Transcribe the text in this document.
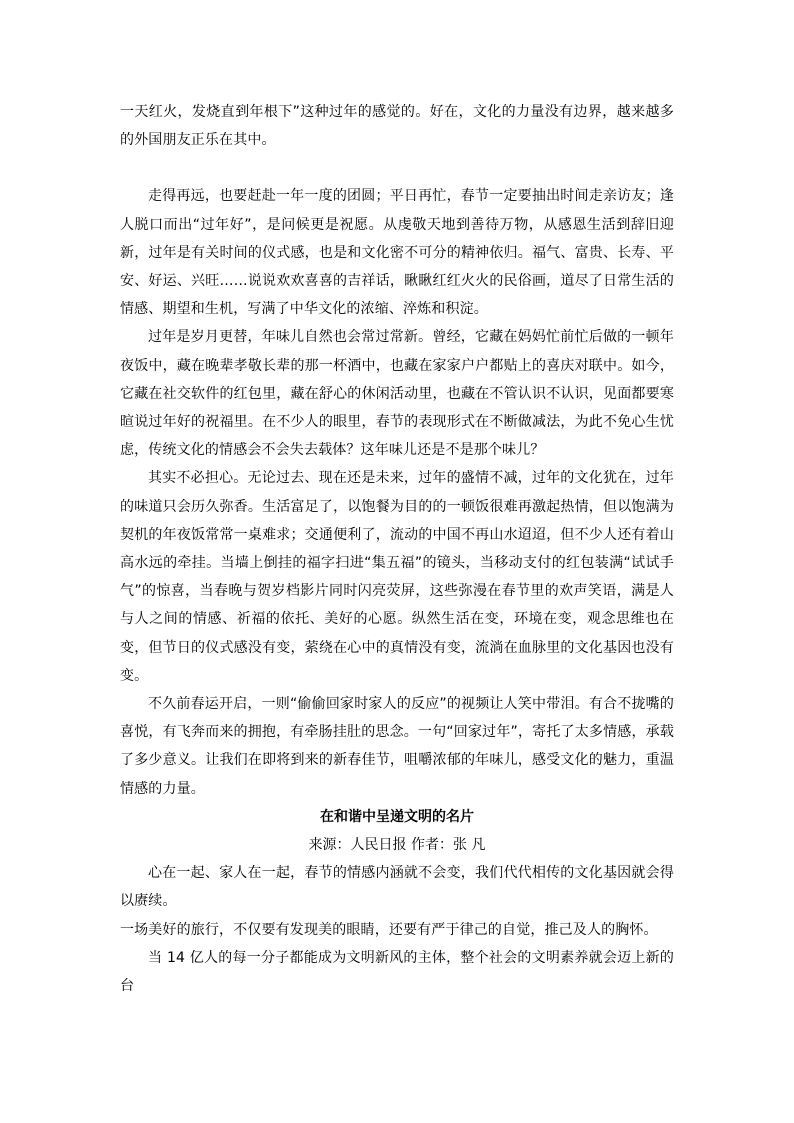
一天红火，发烧直到年根下”这种过年的感觉的。好在，文化的力量没有边界，越来越多的外国朋友正乐在其中。

走得再远，也要赶赴一年一度的团圆；平日再忙，春节一定要抽出时间走亲访友；逢人脱口而出“过年好”，是问候更是祝愿。从虔敬天地到善待万物，从感恩生活到辞旧迎新，过年是有关时间的仪式感，也是和文化密不可分的精神依归。福气、富贵、长寿、平安、好运、兴旺……说说欢欢喜喜的吉祥话，瞅瞅红红火火的民俗画，道尽了日常生活的情感、期望和生机，写满了中华文化的浓缩、淬炼和积淀。

过年是岁月更替，年味儿自然也会常过常新。曾经，它藏在妈妈忙前忙后做的一顿年夜饭中，藏在晚辈孝敬长辈的那一杯酒中，也藏在家家户户都贴上的喜庆对联中。如今，它藏在社交软件的红包里，藏在舒心的休闲活动里，也藏在不管认识不认识，见面都要寒暄说过年好的祝福里。在不少人的眼里，春节的表现形式在不断做减法，为此不免心生忧虑，传统文化的情感会不会失去载体？这年味儿还是不是那个味儿？

其实不必担心。无论过去、现在还是未来，过年的盛情不减，过年的文化犹在，过年的味道只会历久弥香。生活富足了，以饱餐为目的的一顿饭很难再激起热情，但以饱满为契机的年夜饭常常一桌难求；交通便利了，流动的中国不再山水迢迢，但不少人还有着山高水远的牵挂。当墙上倒挂的福字扫进“集五福”的镜头，当移动支付的红包装满“试试手气”的惊喜，当春晚与贺岁档影片同时闪亮荧屏，这些弥漫在春节里的欢声笑语，满是人与人之间的情感、祈福的依托、美好的心愿。纵然生活在变，环境在变，观念思维也在变，但节日的仪式感没有变，萦绕在心中的真情没有变，流淌在血脉里的文化基因也没有变。

不久前春运开启，一则“偷偷回家时家人的反应”的视频让人笑中带泪。有合不拢嘴的喜悦，有飞奔而来的拥抱，有牵肠挂肚的思念。一句“回家过年”，寄托了太多情感，承载了多少意义。让我们在即将到来的新春佳节，咀嚼浓郁的年味儿，感受文化的魅力，重温情感的力量。

在和谐中呈递文明的名片

来源：人民日报 作者：张 凡

心在一起、家人在一起，春节的情感内涵就不会变，我们代代相传的文化基因就会得以赓续。

一场美好的旅行，不仅要有发现美的眼睛，还要有严于律己的自觉，推己及人的胸怀。

当 14 亿人的每一分子都能成为文明新风的主体，整个社会的文明素养就会迈上新的台
